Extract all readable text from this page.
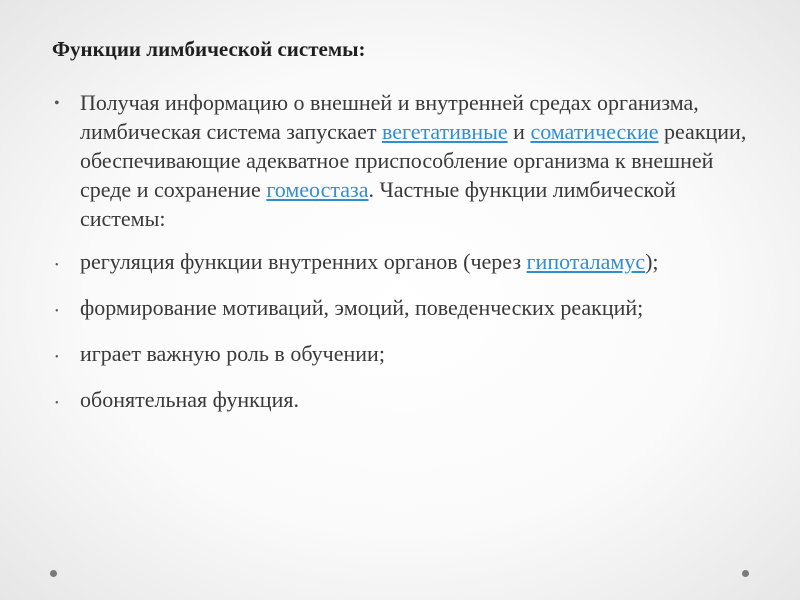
Функции лимбической системы:

• Получая информацию о внешней и внутренней средах организма, лимбическая система запускает вегетативные и соматические реакции, обеспечивающие адекватное приспособление организма к внешней среде и сохранение гомеостаза. Частные функции лимбической системы:

• регуляция функции внутренних органов (через гипоталамус);

• формирование мотиваций, эмоций, поведенческих реакций;

• играет важную роль в обучении;

• обонятельная функция.
